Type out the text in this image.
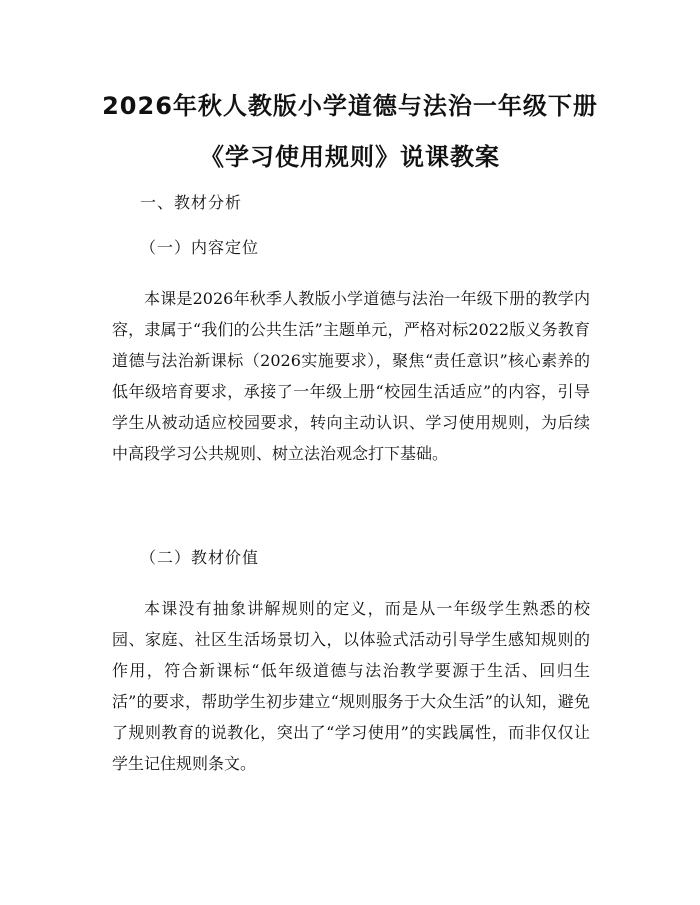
2026年秋人教版小学道德与法治一年级下册
《学习使用规则》说课教案
一、教材分析
（一）内容定位

本课是2026年秋季人教版小学道德与法治一年级下册的教学内容，隶属于“我们的公共生活”主题单元，严格对标2022版义务教育道德与法治新课标（2026实施要求），聚焦“责任意识”核心素养的低年级培育要求，承接了一年级上册“校园生活适应”的内容，引导学生从被动适应校园要求，转向主动认识、学习使用规则，为后续中高段学习公共规则、树立法治观念打下基础。

（二）教材价值

本课没有抽象讲解规则的定义，而是从一年级学生熟悉的校园、家庭、社区生活场景切入，以体验式活动引导学生感知规则的作用，符合新课标“低年级道德与法治教学要源于生活、回归生活”的要求，帮助学生初步建立“规则服务于大众生活”的认知，避免了规则教育的说教化，突出了“学习使用”的实践属性，而非仅仅让学生记住规则条文。
